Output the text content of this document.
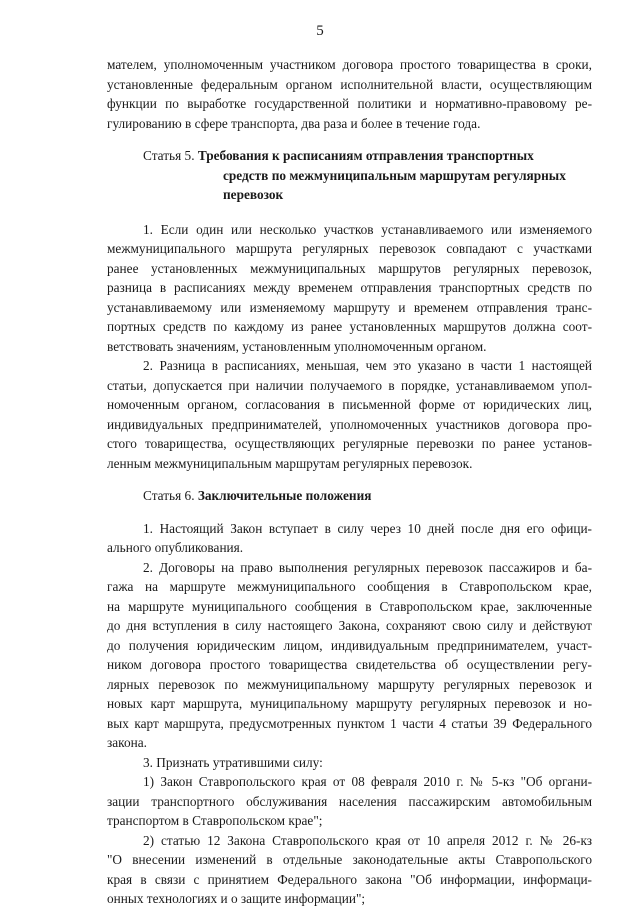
5
мателем, уполномоченным участником договора простого товарищества в сроки,
установленные федеральным органом исполнительной власти, осуществляющим
функции по выработке государственной политики и нормативно-правовому ре-
гулированию в сфере транспорта, два раза и более в течение года.
Статья 5. Требования к расписаниям отправления транспортных
средств по межмуниципальным маршрутам регулярных
перевозок
1. Если один или несколько участков устанавливаемого или изменяемого
межмуниципального маршрута регулярных перевозок совпадают с участками
ранее установленных межмуниципальных маршрутов регулярных перевозок,
разница в расписаниях между временем отправления транспортных средств по
устанавливаемому или изменяемому маршруту и временем отправления транс-
портных средств по каждому из ранее установленных маршрутов должна соот-
ветствовать значениям, установленным уполномоченным органом.
2. Разница в расписаниях, меньшая, чем это указано в части 1 настоящей
статьи, допускается при наличии получаемого в порядке, устанавливаемом упол-
номоченным органом, согласования в письменной форме от юридических лиц,
индивидуальных предпринимателей, уполномоченных участников договора про-
стого товарищества, осуществляющих регулярные перевозки по ранее установ-
ленным межмуниципальным маршрутам регулярных перевозок.
Статья 6. Заключительные положения
1. Настоящий Закон вступает в силу через 10 дней после дня его офици-
ального опубликования.
2. Договоры на право выполнения регулярных перевозок пассажиров и ба-
гажа на маршруте межмуниципального сообщения в Ставропольском крае,
на маршруте муниципального сообщения в Ставропольском крае, заключенные
до дня вступления в силу настоящего Закона, сохраняют свою силу и действуют
до получения юридическим лицом, индивидуальным предпринимателем, участ-
ником договора простого товарищества свидетельства об осуществлении регу-
лярных перевозок по межмуниципальному маршруту регулярных перевозок и
новых карт маршрута, муниципальному маршруту регулярных перевозок и но-
вых карт маршрута, предусмотренных пунктом 1 части 4 статьи 39 Федерального
закона.
3. Признать утратившими силу:
1) Закон Ставропольского края от 08 февраля 2010 г. № 5-кз "Об органи-
зации транспортного обслуживания населения пассажирским автомобильным
транспортом в Ставропольском крае";
2) статью 12 Закона Ставропольского края от 10 апреля 2012 г. № 26-кз
"О внесении изменений в отдельные законодательные акты Ставропольского
края в связи с принятием Федерального закона "Об информации, информаци-
онных технологиях и о защите информации";
